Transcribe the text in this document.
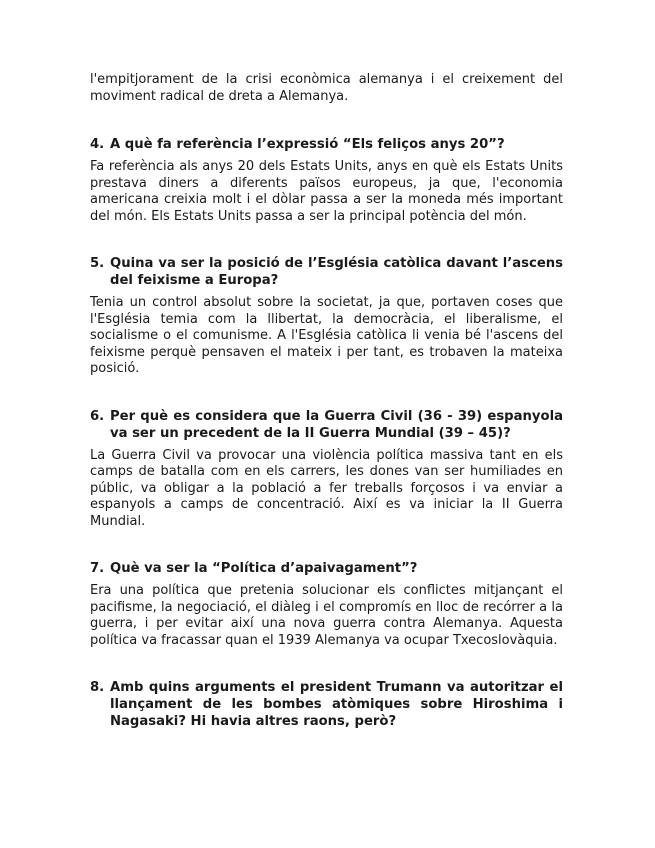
l'empitjorament de la crisi econòmica alemanya i el creixement del moviment radical de dreta a Alemanya.

4. A què fa referència l’expressió “Els feliços anys 20”?

Fa referència als anys 20 dels Estats Units, anys en què els Estats Units prestava diners a diferents països europeus, ja que, l'economia americana creixia molt i el dòlar passa a ser la moneda més important del món. Els Estats Units passa a ser la principal potència del món.

5. Quina va ser la posició de l’Església catòlica davant l’ascens del feixisme a Europa?

Tenia un control absolut sobre la societat, ja que, portaven coses que l'Església temia com la llibertat, la democràcia, el liberalisme, el socialisme o el comunisme. A l'Església catòlica li venia bé l'ascens del feixisme perquè pensaven el mateix i per tant, es trobaven la mateixa posició.

6. Per què es considera que la Guerra Civil (36 - 39) espanyola va ser un precedent de la II Guerra Mundial (39 – 45)?

La Guerra Civil va provocar una violència política massiva tant en els camps de batalla com en els carrers, les dones van ser humiliades en públic, va obligar a la població a fer treballs forçosos i va enviar a espanyols a camps de concentració. Així es va iniciar la II Guerra Mundial.

7. Què va ser la “Política d’apaivagament”?

Era una política que pretenia solucionar els conflictes mitjançant el pacifisme, la negociació, el diàleg i el compromís en lloc de recórrer a la guerra, i per evitar així una nova guerra contra Alemanya. Aquesta política va fracassar quan el 1939 Alemanya va ocupar Txecoslovàquia.

8. Amb quins arguments el president Trumann va autoritzar el llançament de les bombes atòmiques sobre Hiroshima i Nagasaki? Hi havia altres raons, però?
